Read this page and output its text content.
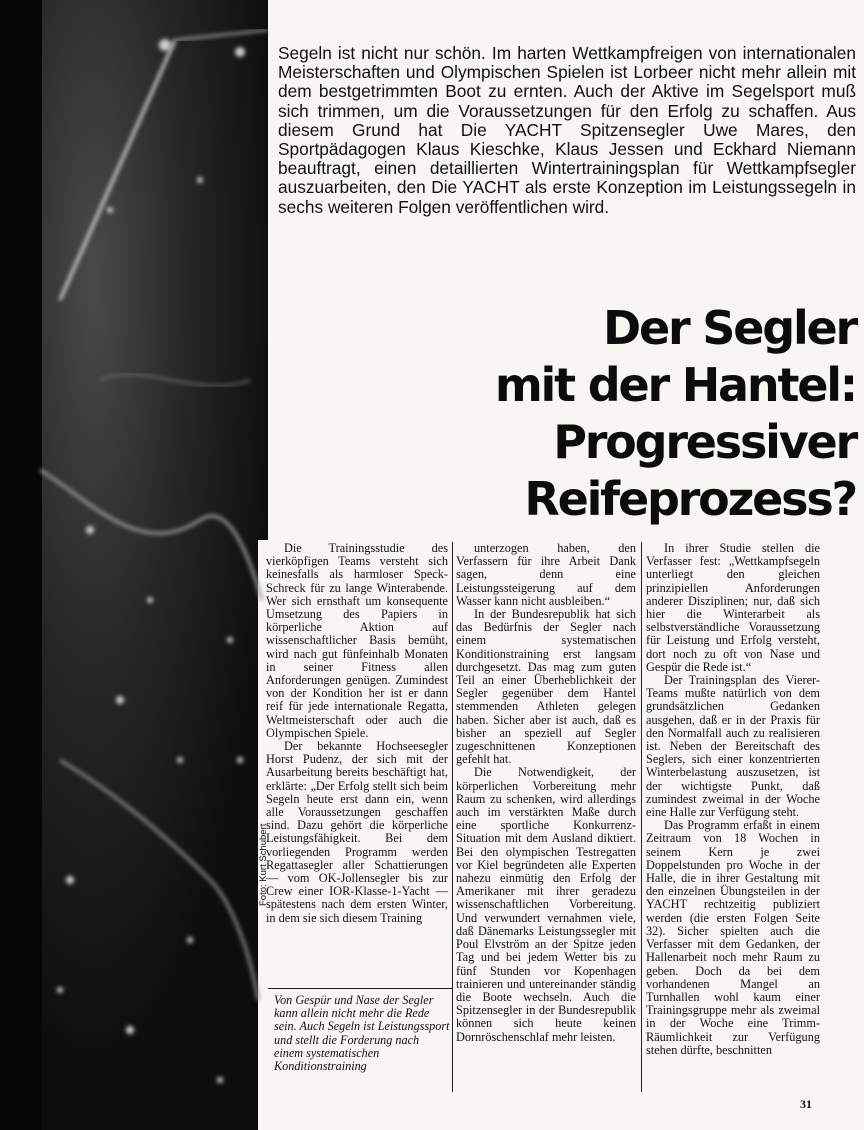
Segeln ist nicht nur schön. Im harten Wettkampfreigen von internationalen Meisterschaften und Olympischen Spielen ist Lorbeer nicht mehr allein mit dem bestgetrimmten Boot zu ernten. Auch der Aktive im Segelsport muß sich trimmen, um die Voraussetzungen für den Erfolg zu schaffen. Aus diesem Grund hat Die YACHT Spitzensegler Uwe Mares, den Sportpädagogen Klaus Kieschke, Klaus Jessen und Eckhard Niemann beauftragt, einen detaillierten Wintertrainingsplan für Wettkampfsegler auszuarbeiten, den Die YACHT als erste Konzeption im Leistungssegeln in sechs weiteren Folgen veröffentlichen wird.
Der Segler
mit der Hantel:
Progressiver
Reifeprozess?

Die Trainingsstudie des vierköpfigen Teams versteht sich keinesfalls als harmloser Speck-Schreck für zu lange Winterabende. Wer sich ernsthaft um konsequente Umsetzung des Papiers in körperliche Aktion auf wissenschaftlicher Basis bemüht, wird nach gut fünfeinhalb Monaten in seiner Fitness allen Anforderungen genügen. Zumindest von der Kondition her ist er dann reif für jede internationale Regatta, Weltmeisterschaft oder auch die Olympischen Spiele.

Der bekannte Hochseesegler Horst Pudenz, der sich mit der Ausarbeitung bereits beschäftigt hat, erklärte: „Der Erfolg stellt sich beim Segeln heute erst dann ein, wenn alle Voraussetzungen geschaffen sind. Dazu gehört die körperliche Leistungsfähigkeit. Bei dem vorliegenden Programm werden Regattasegler aller Schattierungen — vom OK-Jollensegler bis zur Crew einer IOR-Klasse-1-Yacht — spätestens nach dem ersten Winter, in dem sie sich diesem Training

unterzogen haben, den Verfassern für ihre Arbeit Dank sagen, denn eine Leistungssteigerung auf dem Wasser kann nicht ausbleiben.“

In der Bundesrepublik hat sich das Bedürfnis der Segler nach einem systematischen Konditionstraining erst langsam durchgesetzt. Das mag zum guten Teil an einer Überheblichkeit der Segler gegenüber dem Hantel stemmenden Athleten gelegen haben. Sicher aber ist auch, daß es bisher an speziell auf Segler zugeschnittenen Konzeptionen gefehlt hat.

Die Notwendigkeit, der körperlichen Vorbereitung mehr Raum zu schenken, wird allerdings auch im verstärkten Maße durch eine sportliche Konkurrenz-Situation mit dem Ausland diktiert. Bei den olympischen Testregatten vor Kiel begründeten alle Experten nahezu einmütig den Erfolg der Amerikaner mit ihrer geradezu wissenschaftlichen Vorbereitung. Und verwundert vernahmen viele, daß Dänemarks Leistungssegler mit Poul Elvström an der Spitze jeden Tag und bei jedem Wetter bis zu fünf Stunden vor Kopenhagen trainieren und untereinander ständig die Boote wechseln. Auch die Spitzensegler in der Bundesrepublik können sich heute keinen Dornröschenschlaf mehr leisten.

In ihrer Studie stellen die Verfasser fest: „Wettkampfsegeln unterliegt den gleichen prinzipiellen Anforderungen anderer Disziplinen; nur, daß sich hier die Winterarbeit als selbstverständliche Voraussetzung für Leistung und Erfolg versteht, dort noch zu oft von Nase und Gespür die Rede ist.“

Der Trainingsplan des Vierer-Teams mußte natürlich von dem grundsätzlichen Gedanken ausgehen, daß er in der Praxis für den Normalfall auch zu realisieren ist. Neben der Bereitschaft des Seglers, sich einer konzentrierten Winterbelastung auszusetzen, ist der wichtigste Punkt, daß zumindest zweimal in der Woche eine Halle zur Verfügung steht.

Das Programm erfaßt in einem Zeitraum von 18 Wochen in seinem Kern je zwei Doppelstunden pro Woche in der Halle, die in ihrer Gestaltung mit den einzelnen Übungsteilen in der YACHT rechtzeitig publiziert werden (die ersten Folgen Seite 32). Sicher spielten auch die Verfasser mit dem Gedanken, der Hallenarbeit noch mehr Raum zu geben. Doch da bei dem vorhandenen Mangel an Turnhallen wohl kaum einer Trainingsgruppe mehr als zweimal in der Woche eine Trimm-Räumlichkeit zur Verfügung stehen dürfte, beschnitten

Foto: Kurt Schubert

Von Gespür und Nase der Segler kann allein nicht mehr die Rede sein. Auch Segeln ist Leistungssport und stellt die Forderung nach einem systematischen Konditionstraining

31
